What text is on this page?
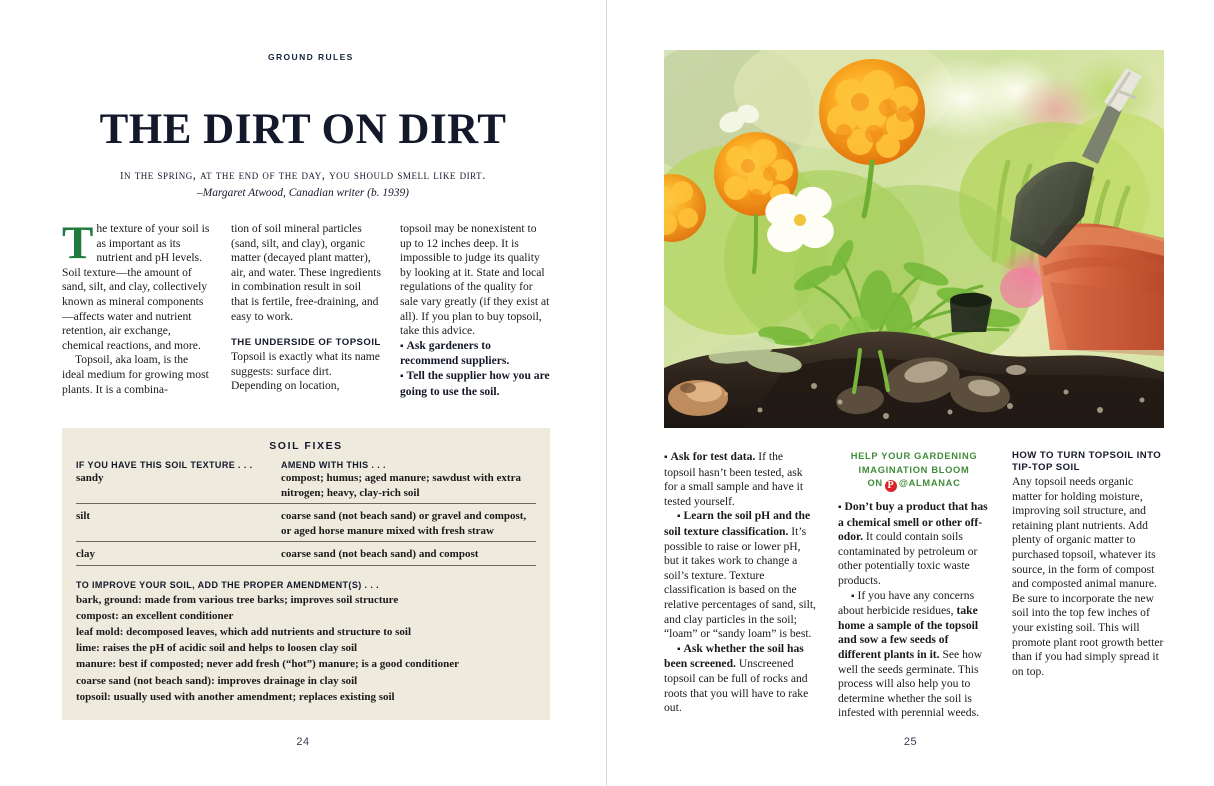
GROUND RULES
THE DIRT ON DIRT
in the spring, at the end of the day, you should smell like dirt.
–Margaret Atwood, Canadian writer (b. 1939)

The texture of your soil is as important as its nutrient and pH levels. Soil texture—the amount of sand, silt, and clay, collectively known as mineral components—affects water and nutrient retention, air exchange, chemical reactions, and more.

Topsoil, aka loam, is the ideal medium for growing most plants. It is a combina-

tion of soil mineral particles (sand, silt, and clay), organic matter (decayed plant matter), air, and water. These ingredients in combination result in soil that is fertile, free-draining, and easy to work.

THE UNDERSIDE OF TOPSOIL

Topsoil is exactly what its name suggests: surface dirt. Depending on location,

topsoil may be nonexistent to up to 12 inches deep. It is impossible to judge its quality by looking at it. State and local regulations of the quality for sale vary greatly (if they exist at all). If you plan to buy topsoil, take this advice.

▪ Ask gardeners to recommend suppliers.

▪ Tell the supplier how you are going to use the soil.

SOIL FIXES
IF YOU HAVE THIS SOIL TEXTURE . . .	AMEND WITH THIS . . .
sandy	compost; humus; aged manure; sawdust with extra nitrogen; heavy, clay-rich soil

silt	coarse sand (not beach sand) or gravel and compost, or aged horse manure mixed with fresh straw

clay	coarse sand (not beach sand) and compost
TO IMPROVE YOUR SOIL, ADD THE PROPER AMENDMENT(S) . . .
bark, ground: made from various tree barks; improves soil structure
compost: an excellent conditioner
leaf mold: decomposed leaves, which add nutrients and structure to soil
lime: raises the pH of acidic soil and helps to loosen clay soil
manure: best if composted; never add fresh (“hot”) manure; is a good conditioner
coarse sand (not beach sand): improves drainage in clay soil
topsoil: usually used with another amendment; replaces existing soil
24

▪ Ask for test data. If the topsoil hasn’t been tested, ask for a small sample and have it tested yourself.

▪ Learn the soil pH and the soil texture classification. It’s possible to raise or lower pH, but it takes work to change a soil’s texture. Texture classification is based on the relative percentages of sand, silt, and clay particles in the soil; “loam” or “sandy loam” is best.

▪ Ask whether the soil has been screened. Unscreened topsoil can be full of rocks and roots that you will have to rake out.

HELP YOUR GARDENING
IMAGINATION BLOOM
ON P @ALMANAC

▪ Don’t buy a product that has a chemical smell or other off-odor. It could contain soils contaminated by petroleum or other potentially toxic waste products.

▪ If you have any concerns about herbicide residues, take home a sample of the topsoil and sow a few seeds of different plants in it. See how well the seeds germinate. This process will also help you to determine whether the soil is infested with perennial weeds.

HOW TO TURN TOPSOIL INTO TIP-TOP SOIL

Any topsoil needs organic matter for holding moisture, improving soil structure, and retaining plant nutrients. Add plenty of organic matter to purchased topsoil, whatever its source, in the form of compost and composted animal manure. Be sure to incorporate the new soil into the top few inches of your existing soil. This will promote plant root growth better than if you had simply spread it on top.

25
